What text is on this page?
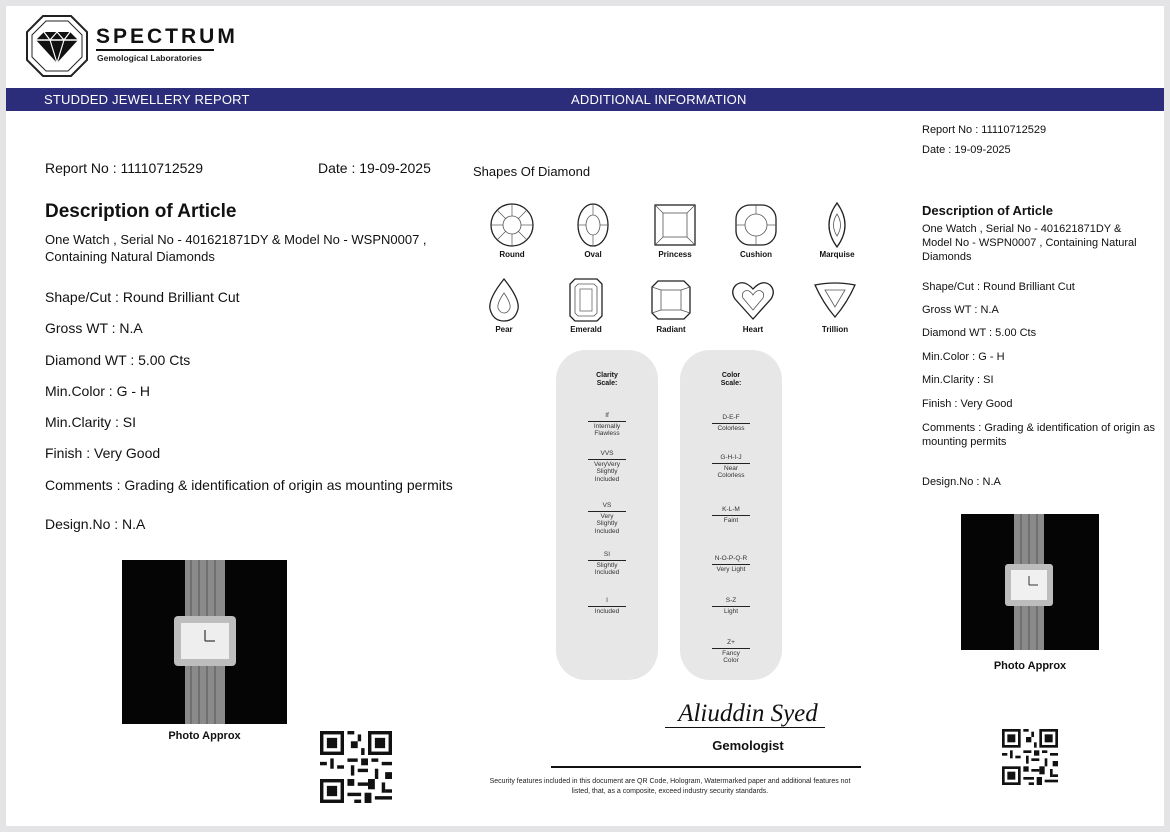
SPECTRUM
Gemological Laboratories
STUDDED JEWELLERY REPORT	ADDITIONAL INFORMATION
Report No : 11110712529	Date : 19-09-2025
Description of Article
One Watch , Serial No - 401621871DY & Model No - WSPN0007 ,
Containing Natural Diamonds
Shape/Cut : Round Brilliant Cut
Gross WT : N.A
Diamond WT : 5.00 Cts
Min.Color : G - H
Min.Clarity : SI
Finish : Very Good
Comments : Grading & identification of origin as mounting permits
Design.No : N.A
Photo Approx
Shapes Of Diamond
Round	Oval	Princess	Cushion	Marquise
Pear	Emerald	Radiant	Heart	Trillion
Clarity
Scale:
If
Internally
Flawless
VVS
VeryVery
Slightly
Included
VS
Very
Slightly
Included
SI
Slightly
Included
I
Included
Color
Scale:
D-E-F
Colorless
G-H-I-J
Near
Colorless
K-L-M
Faint
N-O-P-Q-R
Very Light
S-Z
Light
Z+
Fancy
Color
Aliuddin Syed
Gemologist
Security features included in this document are QR Code, Hologram, Watermarked paper and additional features not
listed, that, as a composite, exceed industry security standards.
Report No : 11110712529
Date : 19-09-2025
Description of Article
One Watch , Serial No - 401621871DY &
Model No - WSPN0007 , Containing Natural
Diamonds
Shape/Cut : Round Brilliant Cut
Gross WT : N.A
Diamond WT : 5.00 Cts
Min.Color : G - H
Min.Clarity : SI
Finish : Very Good
Comments : Grading & identification of origin as
mounting permits
Design.No : N.A
Photo Approx
